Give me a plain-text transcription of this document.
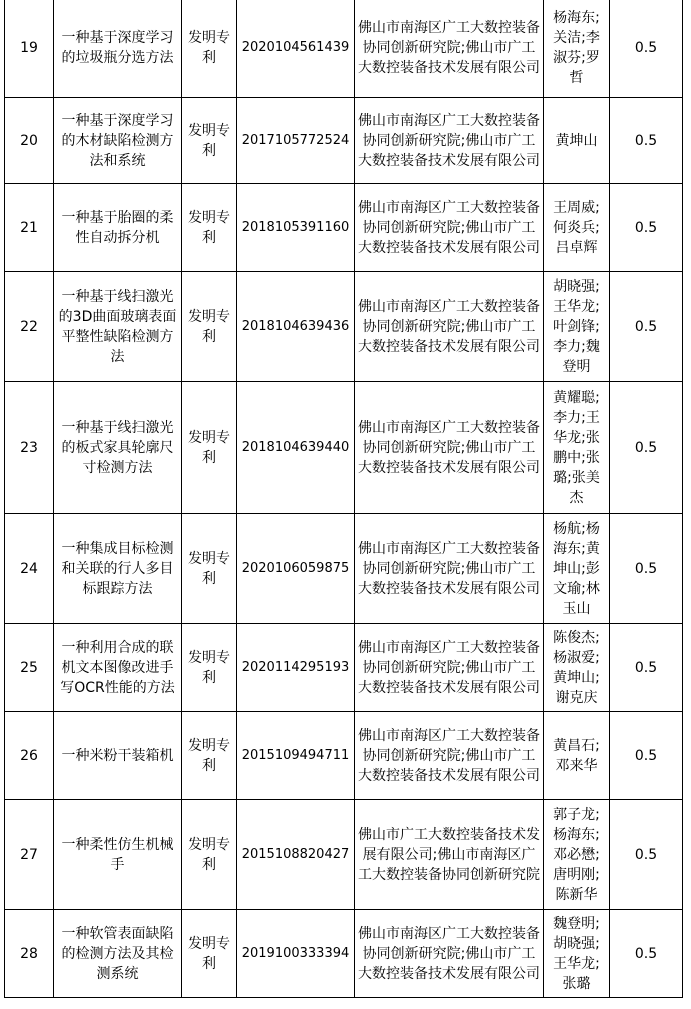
19	一种基于深度学习的垃圾瓶分选方法	发明专利	2020104561439	佛山市南海区广工大数控装备协同创新研究院;佛山市广工大数控装备技术发展有限公司	杨海东;关洁;李淑芬;罗哲	0.5
20	一种基于深度学习的木材缺陷检测方法和系统	发明专利	2017105772524	佛山市南海区广工大数控装备协同创新研究院;佛山市广工大数控装备技术发展有限公司	黄坤山	0.5
21	一种基于胎圈的柔性自动拆分机	发明专利	2018105391160	佛山市南海区广工大数控装备协同创新研究院;佛山市广工大数控装备技术发展有限公司	王周威;何炎兵;吕卓辉	0.5
22	一种基于线扫激光的3D曲面玻璃表面平整性缺陷检测方法	发明专利	2018104639436	佛山市南海区广工大数控装备协同创新研究院;佛山市广工大数控装备技术发展有限公司	胡晓强;王华龙;叶剑锋;李力;魏登明	0.5
23	一种基于线扫激光的板式家具轮廓尺寸检测方法	发明专利	2018104639440	佛山市南海区广工大数控装备协同创新研究院;佛山市广工大数控装备技术发展有限公司	黄耀聪;李力;王华龙;张鹏中;张璐;张美杰	0.5
24	一种集成目标检测和关联的行人多目标跟踪方法	发明专利	2020106059875	佛山市南海区广工大数控装备协同创新研究院;佛山市广工大数控装备技术发展有限公司	杨航;杨海东;黄坤山;彭文瑜;林玉山	0.5
25	一种利用合成的联机文本图像改进手写OCR性能的方法	发明专利	2020114295193	佛山市南海区广工大数控装备协同创新研究院;佛山市广工大数控装备技术发展有限公司	陈俊杰;杨淑爱;黄坤山;谢克庆	0.5
26	一种米粉干装箱机	发明专利	2015109494711	佛山市南海区广工大数控装备协同创新研究院;佛山市广工大数控装备技术发展有限公司	黄昌石;邓来华	0.5
27	一种柔性仿生机械手	发明专利	2015108820427	佛山市广工大数控装备技术发展有限公司;佛山市南海区广工大数控装备协同创新研究院	郭子龙;杨海东;邓必懋;唐明刚;陈新华	0.5
28	一种软管表面缺陷的检测方法及其检测系统	发明专利	2019100333394	佛山市南海区广工大数控装备协同创新研究院;佛山市广工大数控装备技术发展有限公司	魏登明;胡晓强;王华龙;张璐	0.5
